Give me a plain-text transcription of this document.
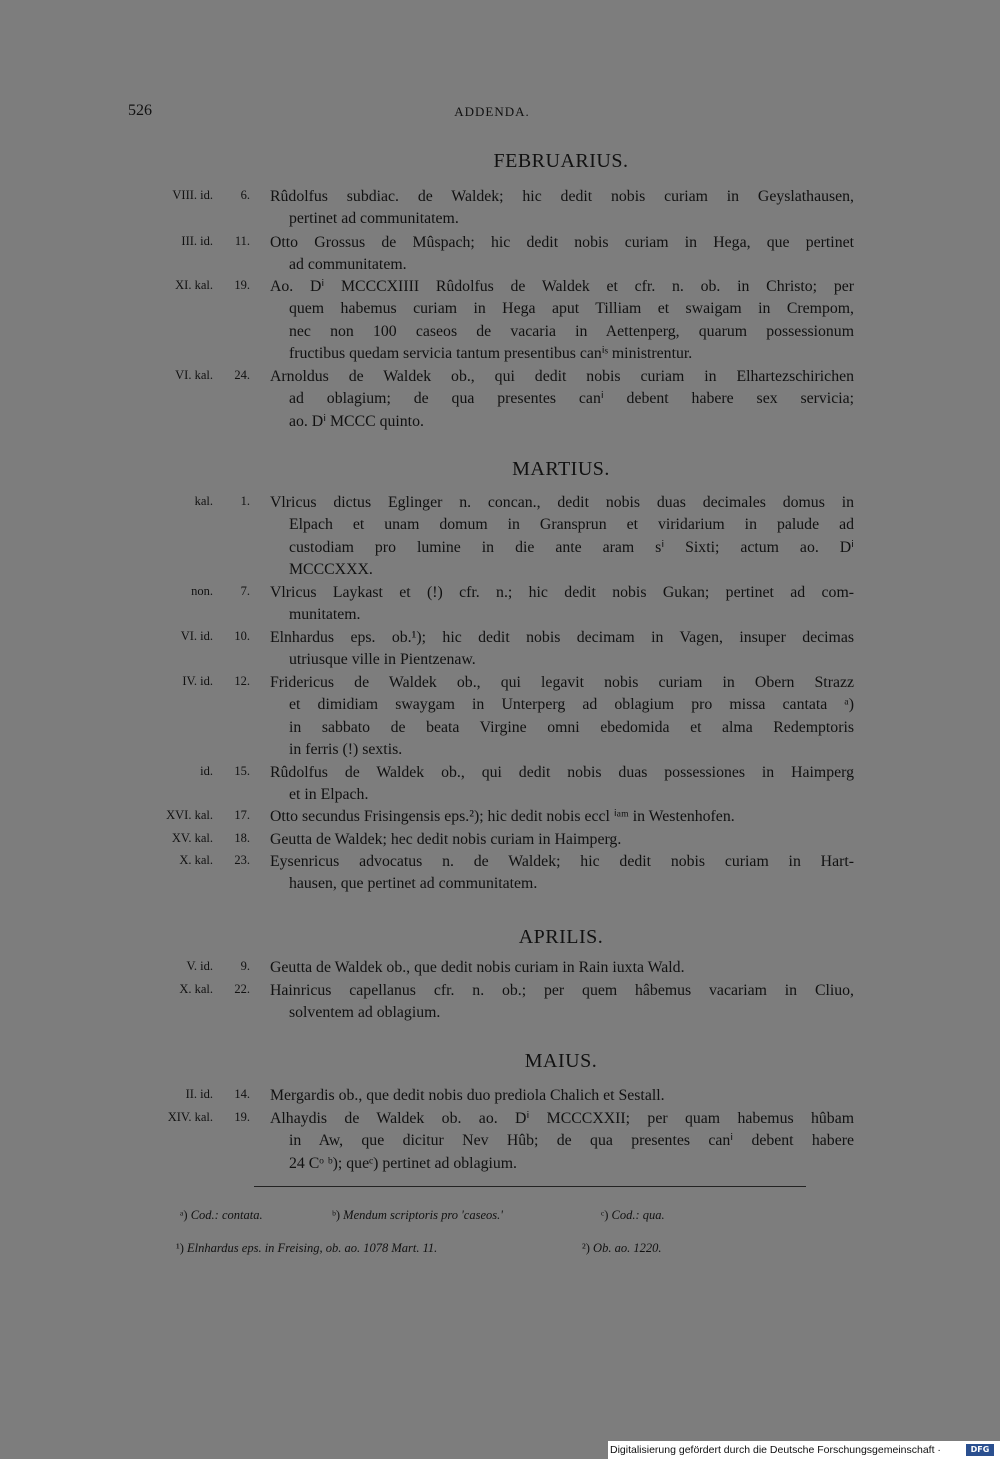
526	ADDENDA.
FEBRUARIUS.
VIII. id.	6. Rûdolfus subdiac. de Waldek; hic dedit nobis curiam in Geyslathausen,
pertinet ad communitatem.
III. id.	11. Otto Grossus de Mûspach; hic dedit nobis curiam in Hega, que pertinet
ad communitatem.
XI. kal.	19. Ao. Dⁱ MCCCXIIII Rûdolfus de Waldek et cfr. n. ob. in Christo; per
quem habemus curiam in Hega aput Tilliam et swaigam in Crempom,
nec non 100 caseos de vacaria in Aettenperg, quarum possessionum
fructibus quedam servicia tantum presentibus canⁱˢ ministrentur.
VI. kal.	24. Arnoldus de Waldek ob., qui dedit nobis curiam in Elhartezschirichen
ad oblagium; de qua presentes canⁱ debent habere sex servicia;
ao. Dⁱ MCCC quinto.
MARTIUS.
kal.	1. Vlricus dictus Eglinger n. concan., dedit nobis duas decimales domus in
Elpach et unam domum in Gransprun et viridarium in palude ad
custodiam pro lumine in die ante aram sⁱ Sixti; actum ao. Dⁱ
MCCCXXX.
non.	7. Vlricus Laykast et (!) cfr. n.; hic dedit nobis Gukan; pertinet ad com-
munitatem.
VI. id.	10. Elnhardus eps. ob.¹); hic dedit nobis decimam in Vagen, insuper decimas
utriusque ville in Pientzenaw.
IV. id.	12. Fridericus de Waldek ob., qui legavit nobis curiam in Obern Strazz
et dimidiam swaygam in Unterperg ad oblagium pro missa cantata ᵃ)
in sabbato de beata Virgine omni ebedomida et alma Redemptoris
in ferris (!) sextis.
id.	15. Rûdolfus de Waldek ob., qui dedit nobis duas possessiones in Haimperg
et in Elpach.
XVI. kal.	17. Otto secundus Frisingensis eps.²); hic dedit nobis eccl ⁱᵃᵐ in Westenhofen.
XV. kal.	18. Geutta de Waldek; hec dedit nobis curiam in Haimperg.
X. kal.	23. Eysenricus advocatus n. de Waldek; hic dedit nobis curiam in Hart-
hausen, que pertinet ad communitatem.
APRILIS.
V. id.	9. Geutta de Waldek ob., que dedit nobis curiam in Rain iuxta Wald.
X. kal.	22. Hainricus capellanus cfr. n. ob.; per quem hâbemus vacariam in Cliuo,
solventem ad oblagium.
MAIUS.
II. id.	14. Mergardis ob., que dedit nobis duo prediola Chalich et Sestall.
XIV. kal.	19. Alhaydis de Waldek ob. ao. Dⁱ MCCCXXII; per quam habemus hûbam
in Aw, que dicitur Nev Hûb; de qua presentes canⁱ debent habere
24 Cᵒ ᵇ); queᶜ) pertinet ad oblagium.
ᵃ) Cod.: contata.	ᵇ) Mendum scriptoris pro 'caseos.'	ᶜ) Cod.: qua.
¹) Elnhardus eps. in Freising, ob. ao. 1078 Mart. 11.	²) Ob. ao. 1220.
Digitalisierung gefördert durch die Deutsche Forschungsgemeinschaft ·	DFG
